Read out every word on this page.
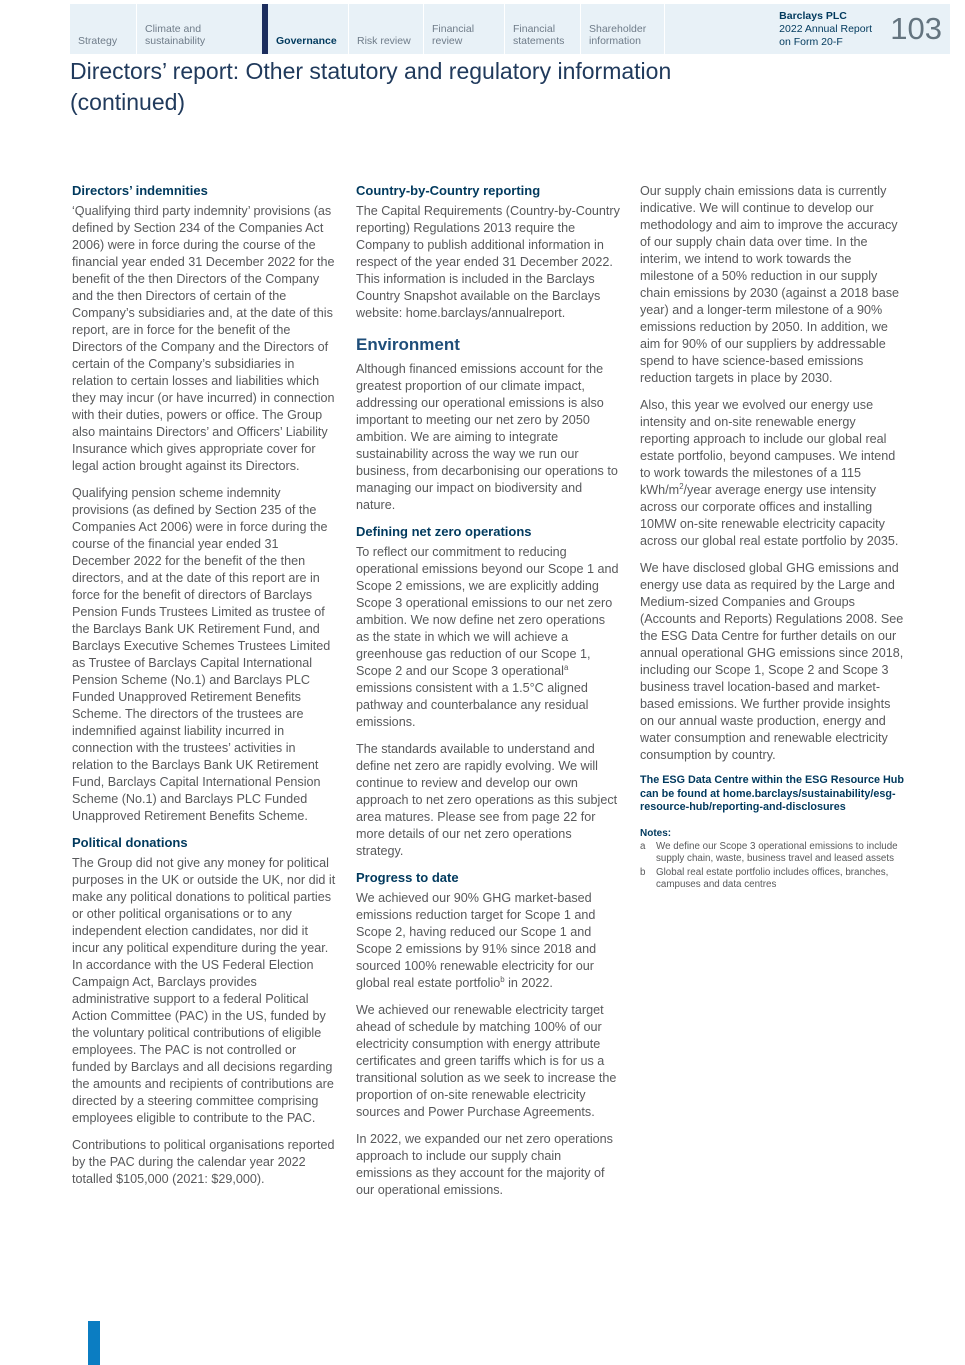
Strategy
Climate and sustainability	Governance	Risk review
Financial review
Financial statements
Shareholder information
Barclays PLC
2022 Annual Report
on Form 20-F	103
Directors’ report: Other statutory and regulatory information (continued)
Directors’ indemnities

‘Qualifying third party indemnity’ provisions (as defined by Section 234 of the Companies Act 2006) were in force during the course of the financial year ended 31 December 2022 for the benefit of the then Directors of the Company and the then Directors of certain of the Company’s subsidiaries and, at the date of this report, are in force for the benefit of the Directors of the Company and the Directors of certain of the Company’s subsidiaries in relation to certain losses and liabilities which they may incur (or have incurred) in connection with their duties, powers or office. The Group also maintains Directors’ and Officers’ Liability Insurance which gives appropriate cover for legal action brought against its Directors.

Qualifying pension scheme indemnity provisions (as defined by Section 235 of the Companies Act 2006) were in force during the course of the financial year ended 31 December 2022 for the benefit of the then directors, and at the date of this report are in force for the benefit of directors of Barclays Pension Funds Trustees Limited as trustee of the Barclays Bank UK Retirement Fund, and Barclays Executive Schemes Trustees Limited as Trustee of Barclays Capital International Pension Scheme (No.1) and Barclays PLC Funded Unapproved Retirement Benefits Scheme. The directors of the trustees are indemnified against liability incurred in connection with the trustees’ activities in relation to the Barclays Bank UK Retirement Fund, Barclays Capital International Pension Scheme (No.1) and Barclays PLC Funded Unapproved Retirement Benefits Scheme.

Political donations

The Group did not give any money for political purposes in the UK or outside the UK, nor did it make any political donations to political parties or other political organisations or to any independent election candidates, nor did it incur any political expenditure during the year. In accordance with the US Federal Election Campaign Act, Barclays provides administrative support to a federal Political Action Committee (PAC) in the US, funded by the voluntary political contributions of eligible employees. The PAC is not controlled or funded by Barclays and all decisions regarding the amounts and recipients of contributions are directed by a steering committee comprising employees eligible to contribute to the PAC.

Contributions to political organisations reported by the PAC during the calendar year 2022 totalled $105,000 (2021: $29,000).

Country-by-Country reporting

The Capital Requirements (Country-by-Country reporting) Regulations 2013 require the Company to publish additional information in respect of the year ended 31 December 2022. This information is included in the Barclays Country Snapshot available on the Barclays website: home.barclays/annualreport.

Environment

Although financed emissions account for the greatest proportion of our climate impact, addressing our operational emissions is also important to meeting our net zero by 2050 ambition. We are aiming to integrate sustainability across the way we run our business, from decarbonising our operations to managing our impact on biodiversity and nature.

Defining net zero operations

To reflect our commitment to reducing operational emissions beyond our Scope 1 and Scope 2 emissions, we are explicitly adding Scope 3 operational emissions to our net zero ambition. We now define net zero operations as the state in which we will achieve a greenhouse gas reduction of our Scope 1, Scope 2 and our Scope 3 operational$^a$ emissions consistent with a 1.5°C aligned pathway and counterbalance any residual emissions.

The standards available to understand and define net zero are rapidly evolving. We will continue to review and develop our own approach to net zero operations as this subject area matures. Please see from page 22 for more details of our net zero operations strategy.

Progress to date

We achieved our 90% GHG market-based emissions reduction target for Scope 1 and Scope 2, having reduced our Scope 1 and Scope 2 emissions by 91% since 2018 and sourced 100% renewable electricity for our global real estate portfolio$^b$ in 2022.

We achieved our renewable electricity target ahead of schedule by matching 100% of our electricity consumption with energy attribute certificates and green tariffs which is for us a transitional solution as we seek to increase the proportion of on-site renewable electricity sources and Power Purchase Agreements.

In 2022, we expanded our net zero operations approach to include our supply chain emissions as they account for the majority of our operational emissions.

Our supply chain emissions data is currently indicative. We will continue to develop our methodology and aim to improve the accuracy of our supply chain data over time. In the interim, we intend to work towards the milestone of a 50% reduction in our supply chain emissions by 2030 (against a 2018 base year) and a longer-term milestone of a 90% emissions reduction by 2050. In addition, we aim for 90% of our suppliers by addressable spend to have science-based emissions reduction targets in place by 2030.

Also, this year we evolved our energy use intensity and on-site renewable energy reporting approach to include our global real estate portfolio, beyond campuses. We intend to work towards the milestones of a 115 kWh/$m^2$/year average energy use intensity across our corporate offices and installing 10MW on-site renewable electricity capacity across our global real estate portfolio by 2035.

We have disclosed global GHG emissions and energy use data as required by the Large and Medium-sized Companies and Groups (Accounts and Reports) Regulations 2008. See the ESG Data Centre for further details on our annual operational GHG emissions since 2018, including our Scope 1, Scope 2 and Scope 3 business travel location-based and market-based emissions. We further provide insights on our annual waste production, energy and water consumption and renewable electricity consumption by country.

The ESG Data Centre within the ESG Resource Hub can be found at home.barclays/sustainability/esg-resource-hub/reporting-and-disclosures
Notes:
a	We define our Scope 3 operational emissions to include supply chain, waste, business travel and leased assets
b	Global real estate portfolio includes offices, branches, campuses and data centres
